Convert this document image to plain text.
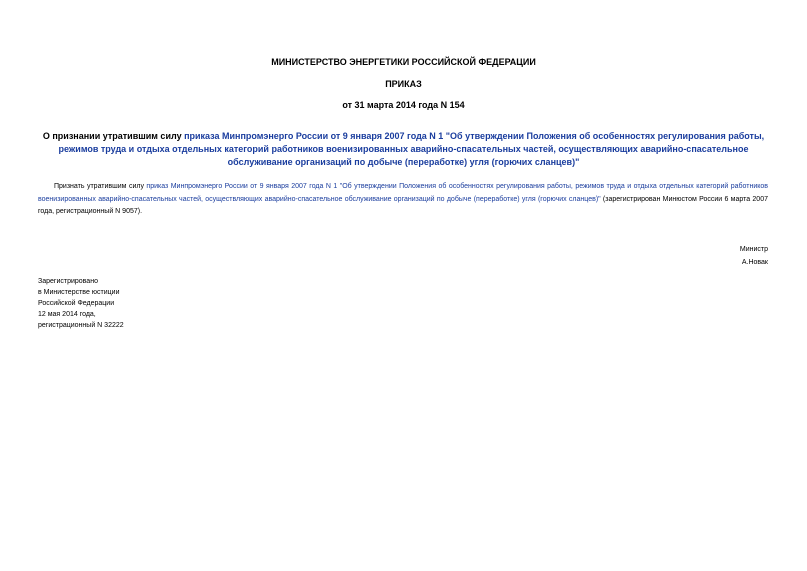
МИНИСТЕРСТВО ЭНЕРГЕТИКИ РОССИЙСКОЙ ФЕДЕРАЦИИ
ПРИКАЗ
от 31 марта 2014 года N 154
О признании утратившим силу приказа Минпромэнерго России от 9 января 2007 года N 1 "Об утверждении Положения об особенностях регулирования работы, режимов труда и отдыха отдельных категорий работников военизированных аварийно-спасательных частей, осуществляющих аварийно-спасательное обслуживание организаций по добыче (переработке) угля (горючих сланцев)"
Признать утратившим силу приказ Минпромэнерго России от 9 января 2007 года N 1 "Об утверждении Положения об особенностях регулирования работы, режимов труда и отдыха отдельных категорий работников военизированных аварийно-спасательных частей, осуществляющих аварийно-спасательное обслуживание организаций по добыче (переработке) угля (горючих сланцев)" (зарегистрирован Минюстом России 6 марта 2007 года, регистрационный N 9057).
Министр
А.Новак
Зарегистрировано
в Министерстве юстиции
Российской Федерации
12 мая 2014 года,
регистрационный N 32222
